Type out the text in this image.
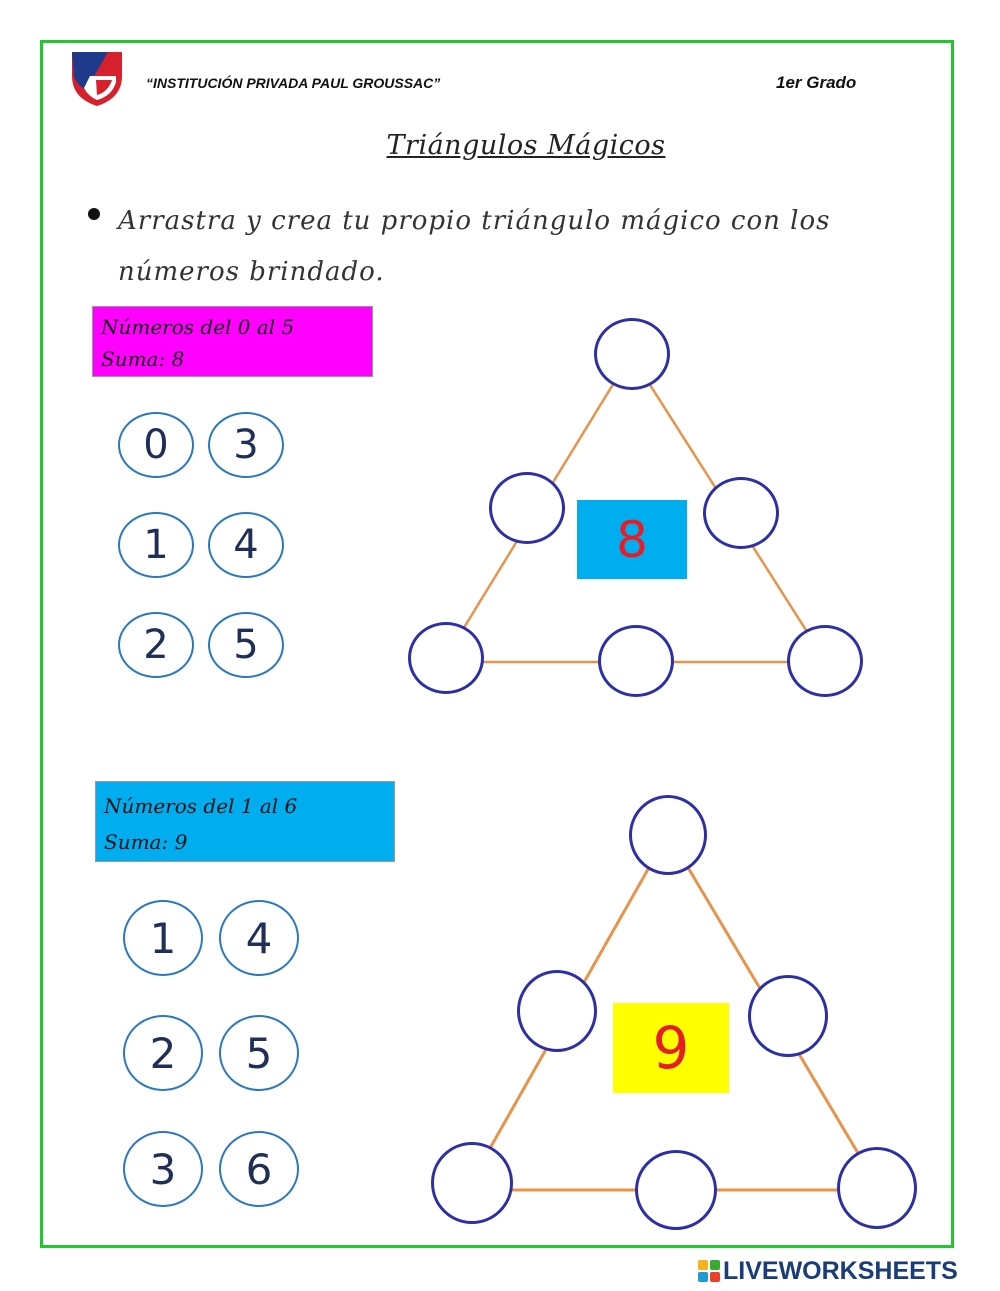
“INSTITUCIÓN PRIVADA PAUL GROUSSAC”	1er Grado
Triángulos Mágicos
Arrastra y crea tu propio triángulo mágico con los números brindado.
Números del 0 al 5
Suma: 8
0	3
1	4
2	5
8
Números del 1 al 6
Suma: 9
1	4
2	5
3	6
9
LIVEWORKSHEETS
